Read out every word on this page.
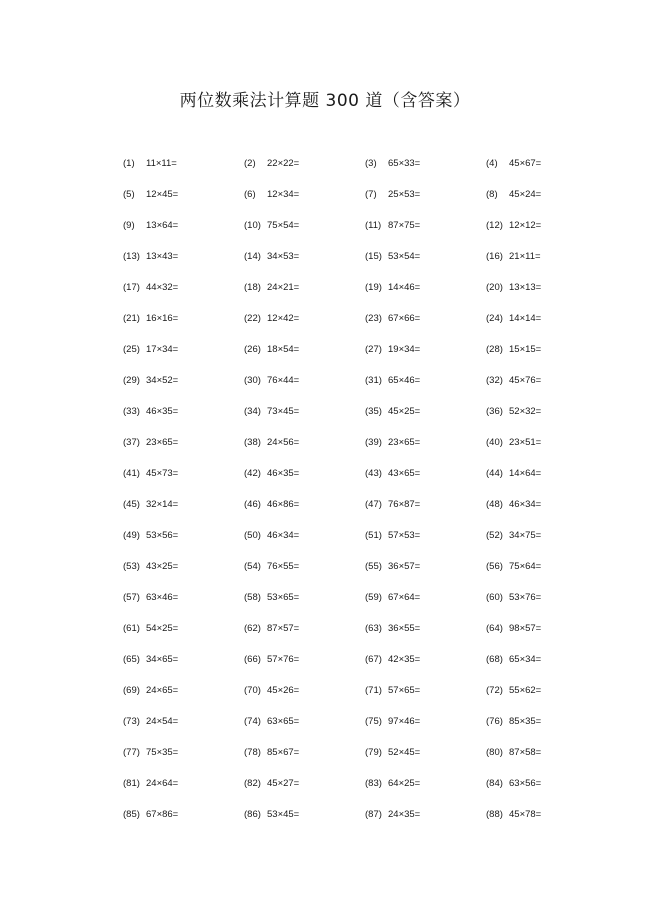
两位数乘法计算题 300 道（含答案）
(1) 11×11=	(2) 22×22=	(3) 65×33=	(4) 45×67=
(5) 12×45=	(6) 12×34=	(7) 25×53=	(8) 45×24=
(9) 13×64=	(10) 75×54=	(11) 87×75=	(12) 12×12=
(13) 13×43=	(14) 34×53=	(15) 53×54=	(16) 21×11=
(17) 44×32=	(18) 24×21=	(19) 14×46=	(20) 13×13=
(21) 16×16=	(22) 12×42=	(23) 67×66=	(24) 14×14=
(25) 17×34=	(26) 18×54=	(27) 19×34=	(28) 15×15=
(29) 34×52=	(30) 76×44=	(31) 65×46=	(32) 45×76=
(33) 46×35=	(34) 73×45=	(35) 45×25=	(36) 52×32=
(37) 23×65=	(38) 24×56=	(39) 23×65=	(40) 23×51=
(41) 45×73=	(42) 46×35=	(43) 43×65=	(44) 14×64=
(45) 32×14=	(46) 46×86=	(47) 76×87=	(48) 46×34=
(49) 53×56=	(50) 46×34=	(51) 57×53=	(52) 34×75=
(53) 43×25=	(54) 76×55=	(55) 36×57=	(56) 75×64=
(57) 63×46=	(58) 53×65=	(59) 67×64=	(60) 53×76=
(61) 54×25=	(62) 87×57=	(63) 36×55=	(64) 98×57=
(65) 34×65=	(66) 57×76=	(67) 42×35=	(68) 65×34=
(69) 24×65=	(70) 45×26=	(71) 57×65=	(72) 55×62=
(73) 24×54=	(74) 63×65=	(75) 97×46=	(76) 85×35=
(77) 75×35=	(78) 85×67=	(79) 52×45=	(80) 87×58=
(81) 24×64=	(82) 45×27=	(83) 64×25=	(84) 63×56=
(85) 67×86=	(86) 53×45=	(87) 24×35=	(88) 45×78=
